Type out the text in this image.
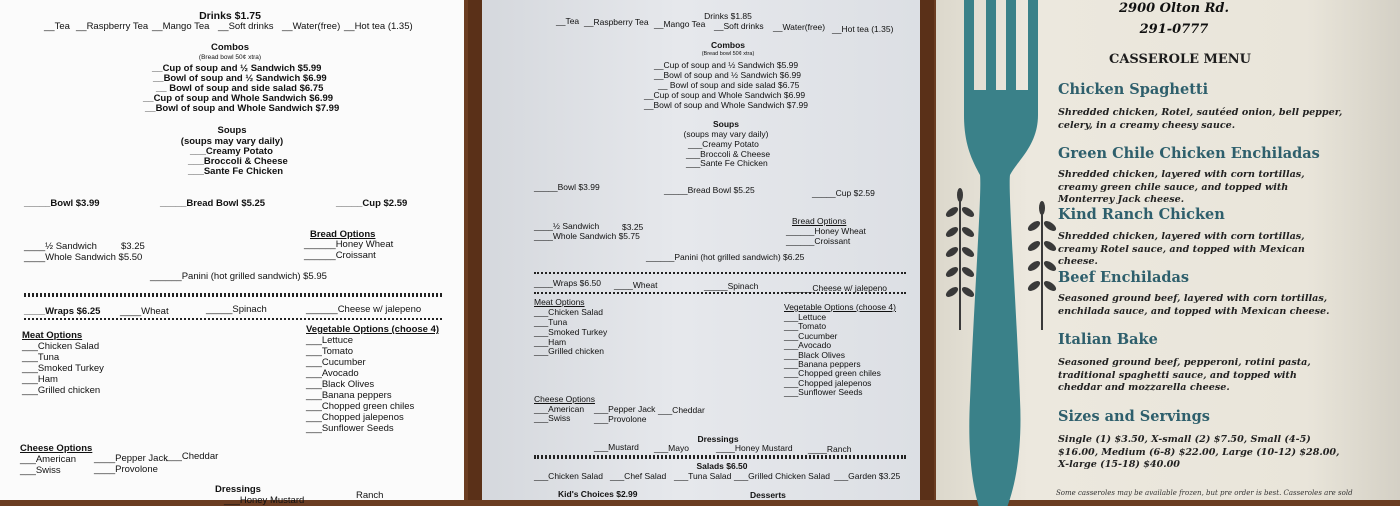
Drinks $1.75
__Tea __Raspberry Tea __Mango Tea __Soft drinks __Water(free) __Hot tea (1.35)
Combos
(Bread bowl 50¢ xtra)
__Cup of soup and ½ Sandwich $5.99
__Bowl of soup and ½ Sandwich $6.99
__ Bowl of soup and side salad $6.75
__Cup of soup and Whole Sandwich $6.99
__Bowl of soup and Whole Sandwich $7.99
Soups
(soups may vary daily)
___Creamy Potato
___Broccoli & Cheese
___Sante Fe Chicken
_____Bowl $3.99	_____Bread Bowl $5.25	_____Cup $2.59
Bread Options
______Honey Wheat
______Croissant
____½ Sandwich	$3.25
____Whole Sandwich $5.50
______Panini (hot grilled sandwich) $5.95
____Wraps $6.25 ____Wheat	_____Spinach	______Cheese w/ jalepeno
Vegetable Options (choose 4)
___Lettuce
___Tomato
___Cucumber
___Avocado
___Black Olives
___Banana peppers
___Chopped green chiles
___Chopped jalepenos
___Sunflower Seeds
Meat Options
___Chicken Salad
___Tuna
___Smoked Turkey
___Ham
___Grilled chicken
Cheese Options
___American
___Swiss
____Pepper Jack
____Provolone
___Cheddar
Dressings
___Honey Mustard	Ranch
Drinks $1.85
__Tea __Raspberry Tea __Mango Tea __Soft drinks __Water(free) __Hot tea (1.35)
Combos
(Bread bowl 50¢ xtra)
__Cup of soup and ½ Sandwich $5.99
__Bowl of soup and ½ Sandwich $6.99
__ Bowl of soup and side salad $6.75
__Cup of soup and Whole Sandwich $6.99
__Bowl of soup and Whole Sandwich $7.99
Soups
(soups may vary daily)
___Creamy Potato
___Broccoli & Cheese
___Sante Fe Chicken
_____Bowl $3.99	_____Bread Bowl $5.25	_____Cup $2.59
____½ Sandwich	$3.25
____Whole Sandwich $5.75
Bread Options
______Honey Wheat
______Croissant
______Panini (hot grilled sandwich) $6.25
____Wraps $6.50 ____Wheat	_____Spinach	______Cheese w/ jalepeno
Meat Options
___Chicken Salad
___Tuna
___Smoked Turkey
___Ham
___Grilled chicken
Vegetable Options (choose 4)
___Lettuce
___Tomato
___Cucumber
___Avocado
___Black Olives
___Banana peppers
___Chopped green chiles
___Chopped jalepenos
___Sunflower Seeds
Cheese Options
___American
___Swiss
___Pepper Jack
___Provolone
___Cheddar
Dressings
___Mustard ___Mayo	____Honey Mustard ____Ranch
Salads $6.50
___Chicken Salad ___Chef Salad ___Tuna Salad ___Grilled Chicken Salad ___Garden $3.25
Kid's Choices $2.99	Desserts
2900 Olton Rd.
291-0777
CASSEROLE MENU
Chicken Spaghetti
Shredded chicken, Rotel, sautéed onion, bell pepper, celery, in a creamy cheesy sauce.
Green Chile Chicken Enchiladas
Shredded chicken, layered with corn tortillas, creamy green chile sauce, and topped with Monterrey Jack cheese.
Kind Ranch Chicken
Shredded chicken, layered with corn tortillas, creamy Rotel sauce, and topped with Mexican cheese.
Beef Enchiladas
Seasoned ground beef, layered with corn tortillas, enchilada sauce, and topped with Mexican cheese.
Italian Bake
Seasoned ground beef, pepperoni, rotini pasta, traditional spaghetti sauce, and topped with cheddar and mozzarella cheese.
Sizes and Servings
Single (1) $3.50, X-small (2) $7.50, Small (4-5) $16.00, Medium (6-8) $22.00, Large (10-12) $28.00, X-large (15-18) $40.00
Some casseroles may be available frozen, but pre order is best. Casseroles are sold
